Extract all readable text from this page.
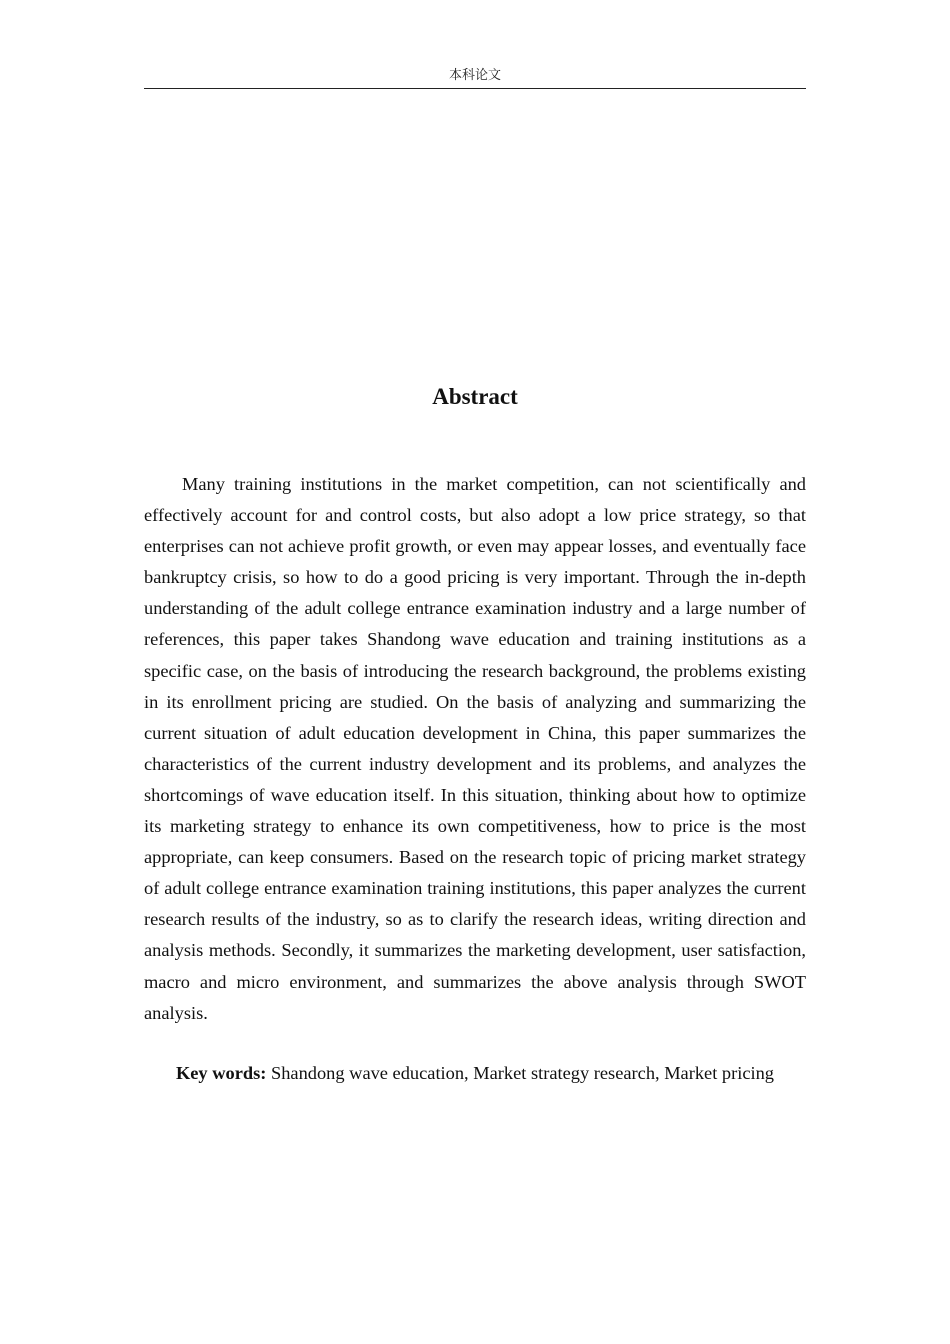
本科论文
Abstract

Many training institutions in the market competition, can not scientifically and effectively account for and control costs, but also adopt a low price strategy, so that enterprises can not achieve profit growth, or even may appear losses, and eventually face bankruptcy crisis, so how to do a good pricing is very important. Through the in-depth understanding of the adult college entrance examination industry and a large number of references, this paper takes Shandong wave education and training institutions as a specific case, on the basis of introducing the research background, the problems existing in its enrollment pricing are studied. On the basis of analyzing and summarizing the current situation of adult education development in China, this paper summarizes the characteristics of the current industry development and its problems, and analyzes the shortcomings of wave education itself. In this situation, thinking about how to optimize its marketing strategy to enhance its own competitiveness, how to price is the most appropriate, can keep consumers. Based on the research topic of pricing market strategy of adult college entrance examination training institutions, this paper analyzes the current research results of the industry, so as to clarify the research ideas, writing direction and analysis methods. Secondly, it summarizes the marketing development, user satisfaction, macro and micro environment, and summarizes the above analysis through SWOT analysis.

Key words: Shandong wave education, Market strategy research, Market pricing
